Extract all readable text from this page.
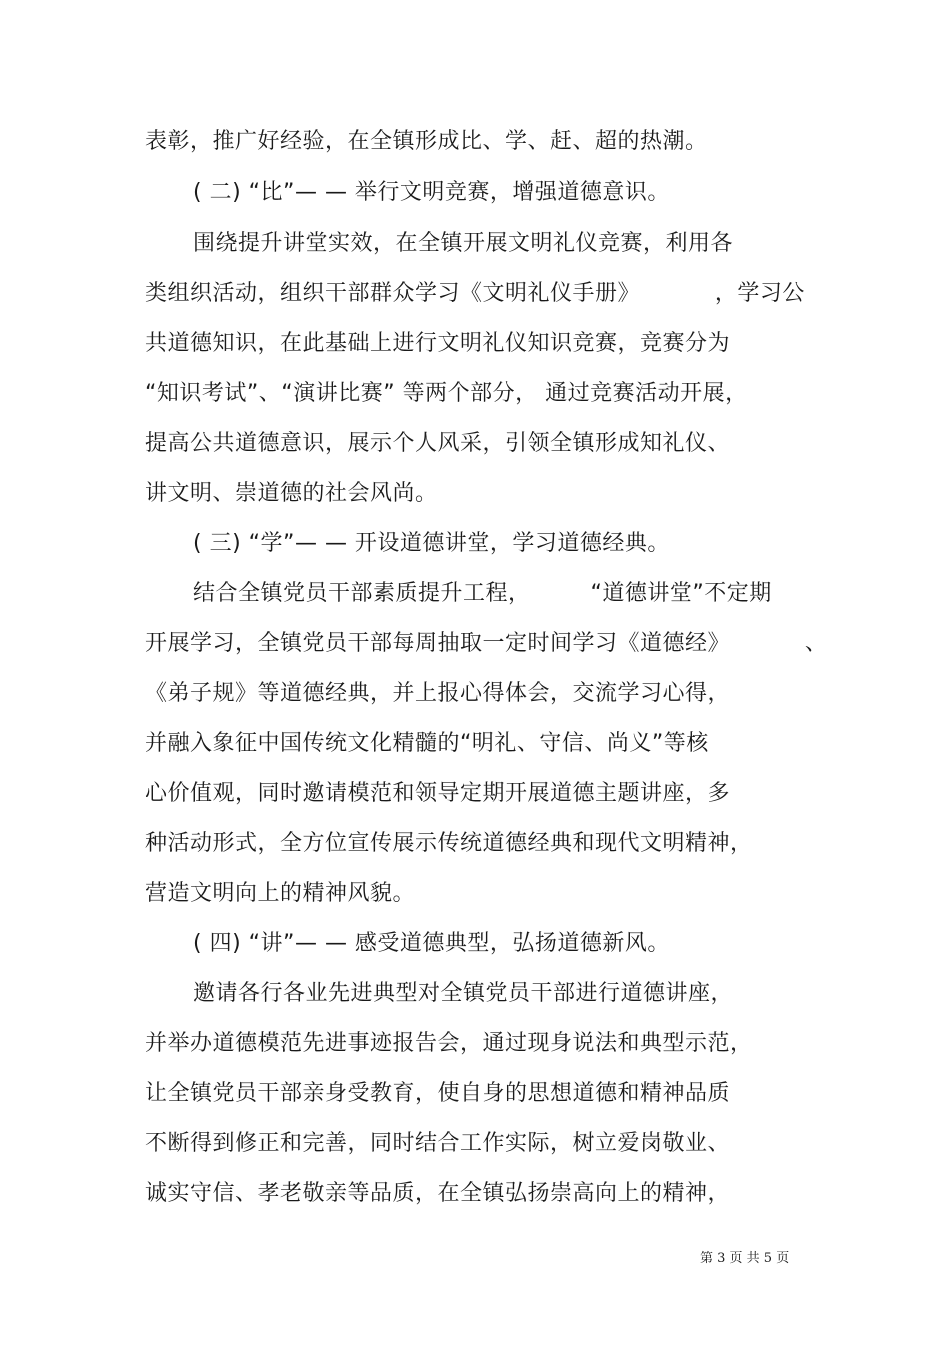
表彰，推广好经验，在全镇形成比、学、赶、超的热潮。
( 二) “比”— — 举行文明竞赛，增强道德意识。
围绕提升讲堂实效，在全镇开展文明礼仪竞赛，利用各
类组织活动，组织干部群众学习《文明礼仪手册》          ，学习公
共道德知识，在此基础上进行文明礼仪知识竞赛，竞赛分为
“知识考试”、“演讲比赛” 等两个部分， 通过竞赛活动开展，
提高公共道德意识，展示个人风采，引领全镇形成知礼仪、
讲文明、崇道德的社会风尚。
( 三) “学”— — 开设道德讲堂，学习道德经典。
结合全镇党员干部素质提升工程，        “道德讲堂”不定期
开展学习，全镇党员干部每周抽取一定时间学习《道德经》          、
《弟子规》等道德经典，并上报心得体会，交流学习心得，
并融入象征中国传统文化精髓的“明礼、守信、尚义”等核
心价值观，同时邀请模范和领导定期开展道德主题讲座，多
种活动形式，全方位宣传展示传统道德经典和现代文明精神，
营造文明向上的精神风貌。
( 四) “讲”— — 感受道德典型，弘扬道德新风。
邀请各行各业先进典型对全镇党员干部进行道德讲座，
并举办道德模范先进事迹报告会，通过现身说法和典型示范，
让全镇党员干部亲身受教育，使自身的思想道德和精神品质
不断得到修正和完善，同时结合工作实际，树立爱岗敬业、
诚实守信、孝老敬亲等品质，在全镇弘扬崇高向上的精神，
第 3 页 共 5 页
